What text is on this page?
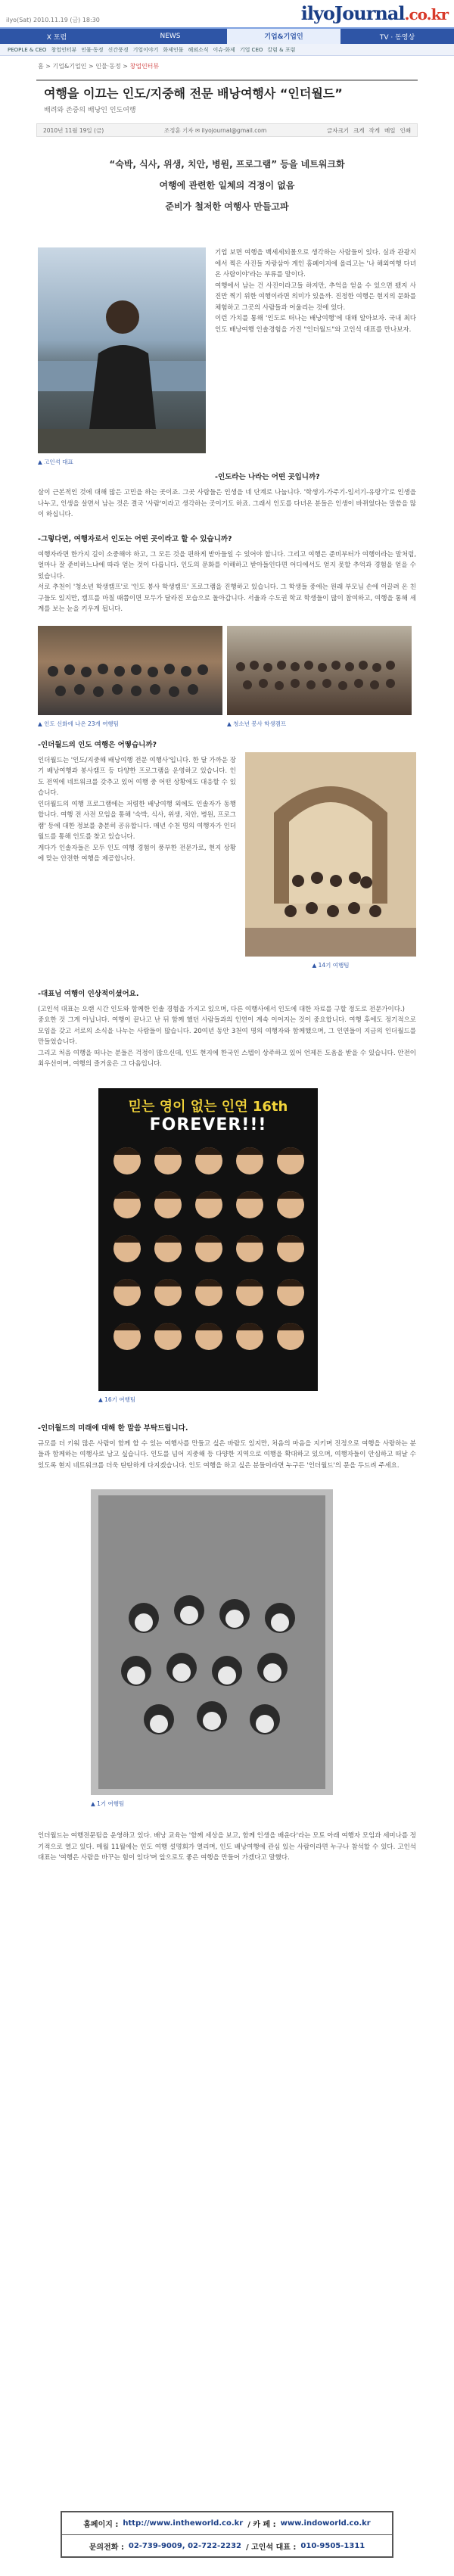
ilyo(Sat) 2010.11.19 (금) 18:30	ilyoJournal.co.kr
X 포럼	NEWS	기업&기업인	TV · 동영상
PEOPLE & CEO 창업인터뷰 인물·동정 신간풍경 기업이야기 화제인물 해외소식 이슈·화제 기업 CEO 칼럼 & 포럼
홈 > 기업&기업인 > 인물·동정 > 창업인터뷰
여행을 이끄는 인도/지중해 전문 배낭여행사 “인더월드”
배려와 존중의 배낭인 인도여행
2010년 11월 19일 (금)	조정훈 기자 ✉ ilyojournal@gmail.com	글자크기 크게 작게 메일 인쇄
“숙박, 식사, 위생, 치안, 병원, 프로그램” 등을 네트워크화
여행에 관련한 일체의 걱정이 없음
준비가 철저한 여행사 만들고파
▲ 고인석 대표
기업 보면 여행을 백세세되몰으로 생각하는 사람들이 있다. 실과 관광지에서 찍은 사진들 자랑삼아 게인 홈페이지에 올리고는 '나 해외여행 다녀온 사람이야'라는 부류를 말이다.
여행에서 남는 건 사진이라고들 하지만, 추억을 얻을 수 있으면 됐지 사진만 찍기 위한 여행이라면 의미가 있을까. 진정한 여행은 현지의 문화를 체험하고 그곳의 사람들과 어울리는 것에 있다.
이런 가치를 통해 '인도로 떠나는 배낭여행'에 대해 알아보자. 국내 최다 인도 배낭여행 인솔경험을 가진 "인더월드"와 고인석 대표를 만나보자.
-인도라는 나라는 어떤 곳입니까?
살이 근본적인 것에 대해 많은 고민을 하는 곳이죠. 그곳 사람들은 인생을 네 단계로 나눕니다. '학생기-가주기-임서기-유랑기'로 인생을 나누고, 인생을 살면서 남는 것은 결국 '사람'이라고 생각하는 곳이기도 하죠. 그래서 인도를 다녀온 분들은 인생이 바뀌었다는 말씀을 많이 하십니다.
-그렇다면, 여행자로서 인도는 어떤 곳이라고 할 수 있습니까?
여행자라면 한가지 길이 소중해야 하고, 그 모든 것을 편하게 받아들일 수 있어야 합니다. 그리고 여행은 준비부터가 여행이라는 말처럼, 얼마나 잘 준비하느냐에 따라 얻는 것이 다릅니다. 인도의 문화를 이해하고 받아들인다면 어디에서도 얻지 못할 추억과 경험을 얻을 수 있습니다.
서로 추천이 '청소년 학생캠프'로 '인도 봉사 학생캠프' 프로그램을 진행하고 있습니다. 그 학생들 중에는 원래 부모님 손에 이끌려 온 친구들도 있지만, 캠프를 마칠 때쯤이면 모두가 달라진 모습으로 돌아갑니다. 서울과 수도권 학교 학생들이 많이 참여하고, 여행을 통해 세계를 보는 눈을 키우게 됩니다.
▲ 인도 신화에 나온 23개 여행팀	▲ 청소년 봉사 학생캠프
-인더월드의 인도 여행은 어떻습니까?
인더월드는 '인도/지중해 배낭여행 전문 여행사'입니다. 한 달 가까운 장기 배낭여행과 봉사캠프 등 다양한 프로그램을 운영하고 있습니다. 인도 전역에 네트워크를 갖추고 있어 여행 중 어떤 상황에도 대응할 수 있습니다.
인더월드의 여행 프로그램에는 저렴한 배낭여행 외에도 인솔자가 동행합니다. 여행 전 사전 모임을 통해 '숙박, 식사, 위생, 치안, 병원, 프로그램' 등에 대한 정보를 충분히 공유합니다. 매년 수천 명의 여행자가 인더월드를 통해 인도를 찾고 있습니다.
게다가 인솔자들은 모두 인도 여행 경험이 풍부한 전문가로, 현지 상황에 맞는 안전한 여행을 제공합니다.
▲ 14기 여행팀
-대표님 여행이 인상적이셨어요.
(고인석 대표는 오랜 시간 인도와 함께한 인솔 경험을 가지고 있으며, 다른 여행사에서 인도에 대한 자료를 구할 정도로 전문가이다.)
중요한 것 그게 아닙니다. 여행이 끝나고 난 뒤 함께 했던 사람들과의 인연이 계속 이어지는 것이 중요합니다. 여행 후에도 정기적으로 모임을 갖고 서로의 소식을 나누는 사람들이 많습니다. 20여년 동안 3천여 명의 여행자와 함께했으며, 그 인연들이 지금의 인더월드를 만들었습니다.
그리고 처음 여행을 떠나는 분들은 걱정이 많으신데, 인도 현지에 한국인 스텝이 상주하고 있어 언제든 도움을 받을 수 있습니다. 안전이 최우선이며, 여행의 즐거움은 그 다음입니다.
믿는 영이 없는 인연 16th
FOREVER!!!
▲ 16기 여행팀
-인더월드의 미래에 대해 한 말씀 부탁드립니다.
규모를 더 키워 많은 사람이 함께 할 수 있는 여행사를 만들고 싶은 바람도 있지만, 처음의 마음을 지키며 진정으로 여행을 사랑하는 분들과 함께하는 여행사로 남고 싶습니다. 인도를 넘어 지중해 등 다양한 지역으로 여행을 확대하고 있으며, 여행자들이 안심하고 떠날 수 있도록 현지 네트워크를 더욱 탄탄하게 다지겠습니다. 인도 여행을 하고 싶은 분들이라면 누구든 '인더월드'의 문을 두드려 주세요.
▲ 1기 여행팀
인더월드는 여행전문팀을 운영하고 있다. 배낭 교육는 '함께 세상을 보고, 함께 인생을 배운다'라는 모토 아래 여행자 모임과 세미나를 정기적으로 열고 있다. 매월 11월에는 인도 여행 설명회가 열리며, 인도 배낭여행에 관심 있는 사람이라면 누구나 참석할 수 있다. 고인석 대표는 '여행은 사람을 바꾸는 힘이 있다'며 앞으로도 좋은 여행을 만들어 가겠다고 말했다.
홈페이지 : http://www.intheworld.co.kr / 카 페 : www.indoworld.co.kr
문의전화 : 02-739-9009, 02-722-2232 / 고인석 대표 : 010-9505-1311
